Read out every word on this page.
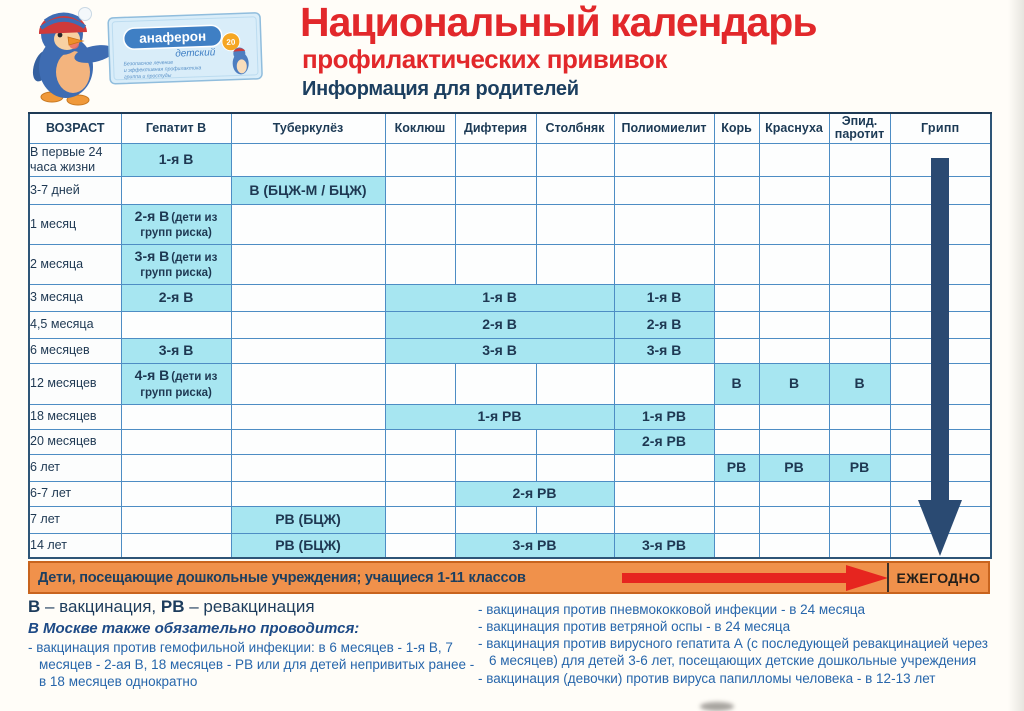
анаферон
детский
20
Безопасное лечение
и эффективная профилактика
гриппа и простуды
Национальный календарь
профилактических прививок
Информация для родителей
ВОЗРАСТ	Гепатит В	Туберкулёз	Коклюш	Дифтерия	Столбняк	Полиомиелит	Корь	Краснуха	Эпид. паротит	Грипп
В первые 24 часа жизни	1-я В									
3-7 дней		В (БЦЖ-М / БЦЖ)								
1 месяц	2-я В (дети из групп риска)									
2 месяца	3-я В (дети из групп риска)									
3 месяца	2-я В		1-я В			1-я В				
4,5 месяца			2-я В			2-я В				
6 месяцев	3-я В		3-я В			3-я В				
12 месяцев	4-я В (дети из групп риска)						В	В	В	
18 месяцев			1-я РВ			1-я РВ				
20 месяцев						2-я РВ				
6 лет							РВ	РВ	РВ	
6-7 лет				2-я РВ						
7 лет		РВ (БЦЖ)								
14 лет		РВ (БЦЖ)		3-я РВ		3-я РВ				
Дети, посещающие дошкольные учреждения; учащиеся 1-11 классов	ЕЖЕГОДНО
В – вакцинация, РВ – ревакцинация
В Москве также обязательно проводится:
- вакцинация против гемофильной инфекции: в 6 месяцев - 1-я В, 7 месяцев - 2-ая В, 18 месяцев - РВ или для детей непривитых ранее - в 18 месяцев однократно
- вакцинация против пневмококковой инфекции - в 24 месяца
- вакцинация против ветряной оспы - в 24 месяца
- вакцинация против вирусного гепатита А (с последующей ревакцинацией через 6 месяцев) для детей 3-6 лет, посещающих детские дошкольные учреждения
- вакцинация (девочки) против вируса папилломы человека - в 12-13 лет
